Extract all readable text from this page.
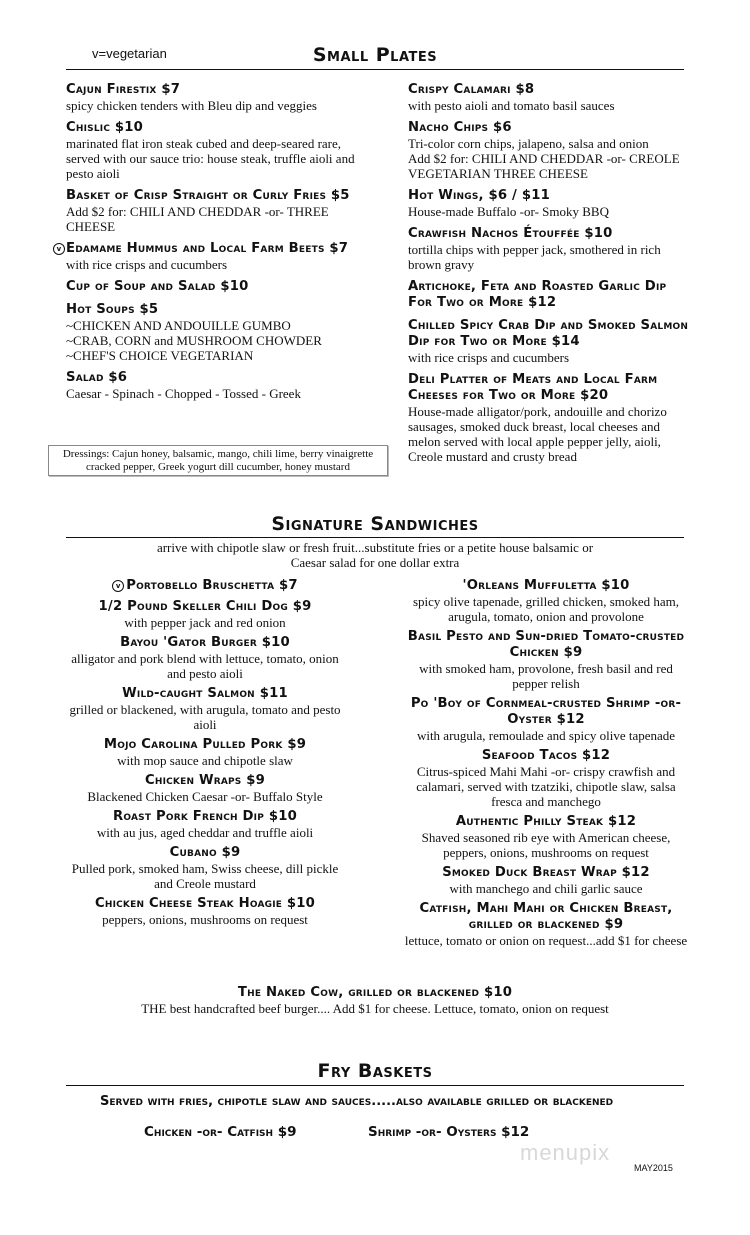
v=vegetarian	Small Plates
Cajun Firestix $7
spicy chicken tenders with Bleu dip and veggies
Chislic $10
marinated flat iron steak cubed and deep-seared rare, served with our sauce trio: house steak, truffle aioli and pesto aioli
Basket of Crisp Straight or Curly Fries $5
Add $2 for: CHILI AND CHEDDAR -or- THREE CHEESE
v Edamame Hummus and Local Farm Beets $7
with rice crisps and cucumbers
Cup of Soup and Salad $10
Hot Soups $5
~CHICKEN AND ANDOUILLE GUMBO
~CRAB, CORN and MUSHROOM CHOWDER
~CHEF'S CHOICE VEGETARIAN
Salad $6
Caesar - Spinach - Chopped - Tossed - Greek
Crispy Calamari $8
with pesto aioli and tomato basil sauces
Nacho Chips $6
Tri-color corn chips, jalapeno, salsa and onion
Add $2 for: CHILI AND CHEDDAR -or- CREOLE VEGETARIAN THREE CHEESE
Hot Wings, $6 / $11
House-made Buffalo -or- Smoky BBQ
Crawfish Nachos Étouffée $10
tortilla chips with pepper jack, smothered in rich brown gravy
Artichoke, Feta and Roasted Garlic Dip For Two or More $12
Chilled Spicy Crab Dip and Smoked Salmon Dip for Two or More $14
with rice crisps and cucumbers
Deli Platter of Meats and Local Farm Cheeses for Two or More $20
House-made alligator/pork, andouille and chorizo sausages, smoked duck breast, local cheeses and melon served with local apple pepper jelly, aioli, Creole mustard and crusty bread
Dressings: Cajun honey, balsamic, mango, chili lime, berry vinaigrette cracked pepper, Greek yogurt dill cucumber, honey mustard
Signature Sandwiches
arrive with chipotle slaw or fresh fruit...substitute fries or a petite house balsamic or Caesar salad for one dollar extra
v Portobello Bruschetta $7
1/2 Pound Skeller Chili Dog $9
with pepper jack and red onion
Bayou 'Gator Burger $10
alligator and pork blend with lettuce, tomato, onion and pesto aioli
Wild-caught Salmon $11
grilled or blackened, with arugula, tomato and pesto aioli
Mojo Carolina Pulled Pork $9
with mop sauce and chipotle slaw
Chicken Wraps $9
Blackened Chicken Caesar -or- Buffalo Style
Roast Pork French Dip $10
with au jus, aged cheddar and truffle aioli
Cubano $9
Pulled pork, smoked ham, Swiss cheese, dill pickle and Creole mustard
Chicken Cheese Steak Hoagie $10
peppers, onions, mushrooms on request
'Orleans Muffuletta $10
spicy olive tapenade, grilled chicken, smoked ham, arugula, tomato, onion and provolone
Basil Pesto and Sun-dried Tomato-crusted Chicken $9
with smoked ham, provolone, fresh basil and red pepper relish
Po 'Boy of Cornmeal-crusted Shrimp -or- Oyster $12
with arugula, remoulade and spicy olive tapenade
Seafood Tacos $12
Citrus-spiced Mahi Mahi -or- crispy crawfish and calamari, served with tzatziki, chipotle slaw, salsa fresca and manchego
Authentic Philly Steak $12
Shaved seasoned rib eye with American cheese, peppers, onions, mushrooms on request
Smoked Duck Breast Wrap $12
with manchego and chili garlic sauce
Catfish, Mahi Mahi or Chicken Breast, grilled or blackened $9
lettuce, tomato or onion on request...add $1 for cheese
The Naked Cow, grilled or blackened $10
THE best handcrafted beef burger.... Add $1 for cheese. Lettuce, tomato, onion on request
Fry Baskets
Served with fries, chipotle slaw and sauces.....also available grilled or blackened
Chicken -or- Catfish $9	Shrimp -or- Oysters $12
menupix
MAY2015
